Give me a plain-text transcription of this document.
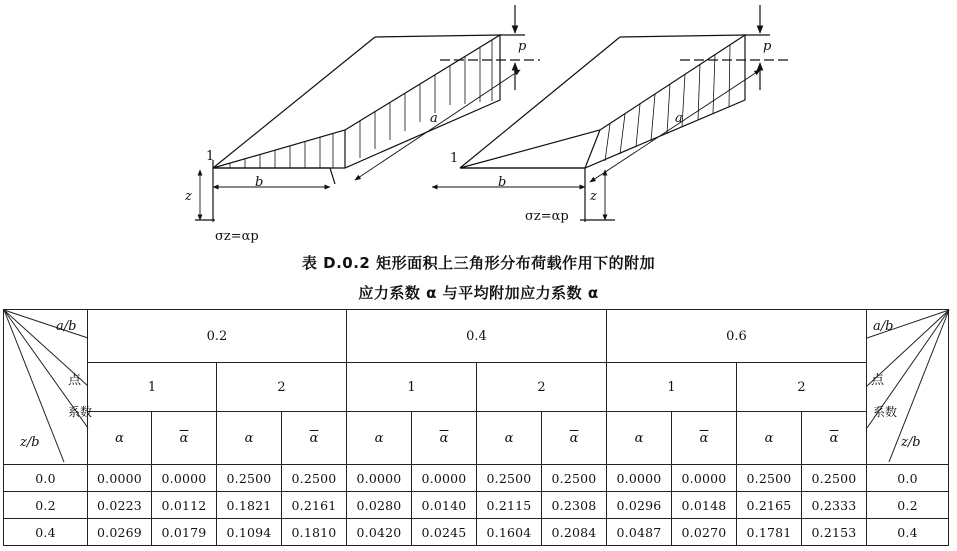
p
a
b
z
1
σz=αp
p
a
b
z
1
σz=αp
表 D.0.2 矩形面积上三角形分布荷载作用下的附加
应力系数 α 与平均附加应力系数 α
a/b
点
系数
z/b	0.2				0.4				0.6				a/b
点
系数
z/b

	1		2		1		2		1		2		
	α	$\overline{\alpha}$	α	$\overline{\alpha}$	α	$\overline{\alpha}$	α	$\overline{\alpha}$	α	$\overline{\alpha}$	α	$\overline{\alpha}$
0.0	0.0000	0.0000	0.2500	0.2500	0.0000	0.0000	0.2500	0.2500	0.0000	0.0000	0.2500	0.2500	0.0
0.2	0.0223	0.0112	0.1821	0.2161	0.0280	0.0140	0.2115	0.2308	0.0296	0.0148	0.2165	0.2333	0.2
0.4	0.0269	0.0179	0.1094	0.1810	0.0420	0.0245	0.1604	0.2084	0.0487	0.0270	0.1781	0.2153	0.4
